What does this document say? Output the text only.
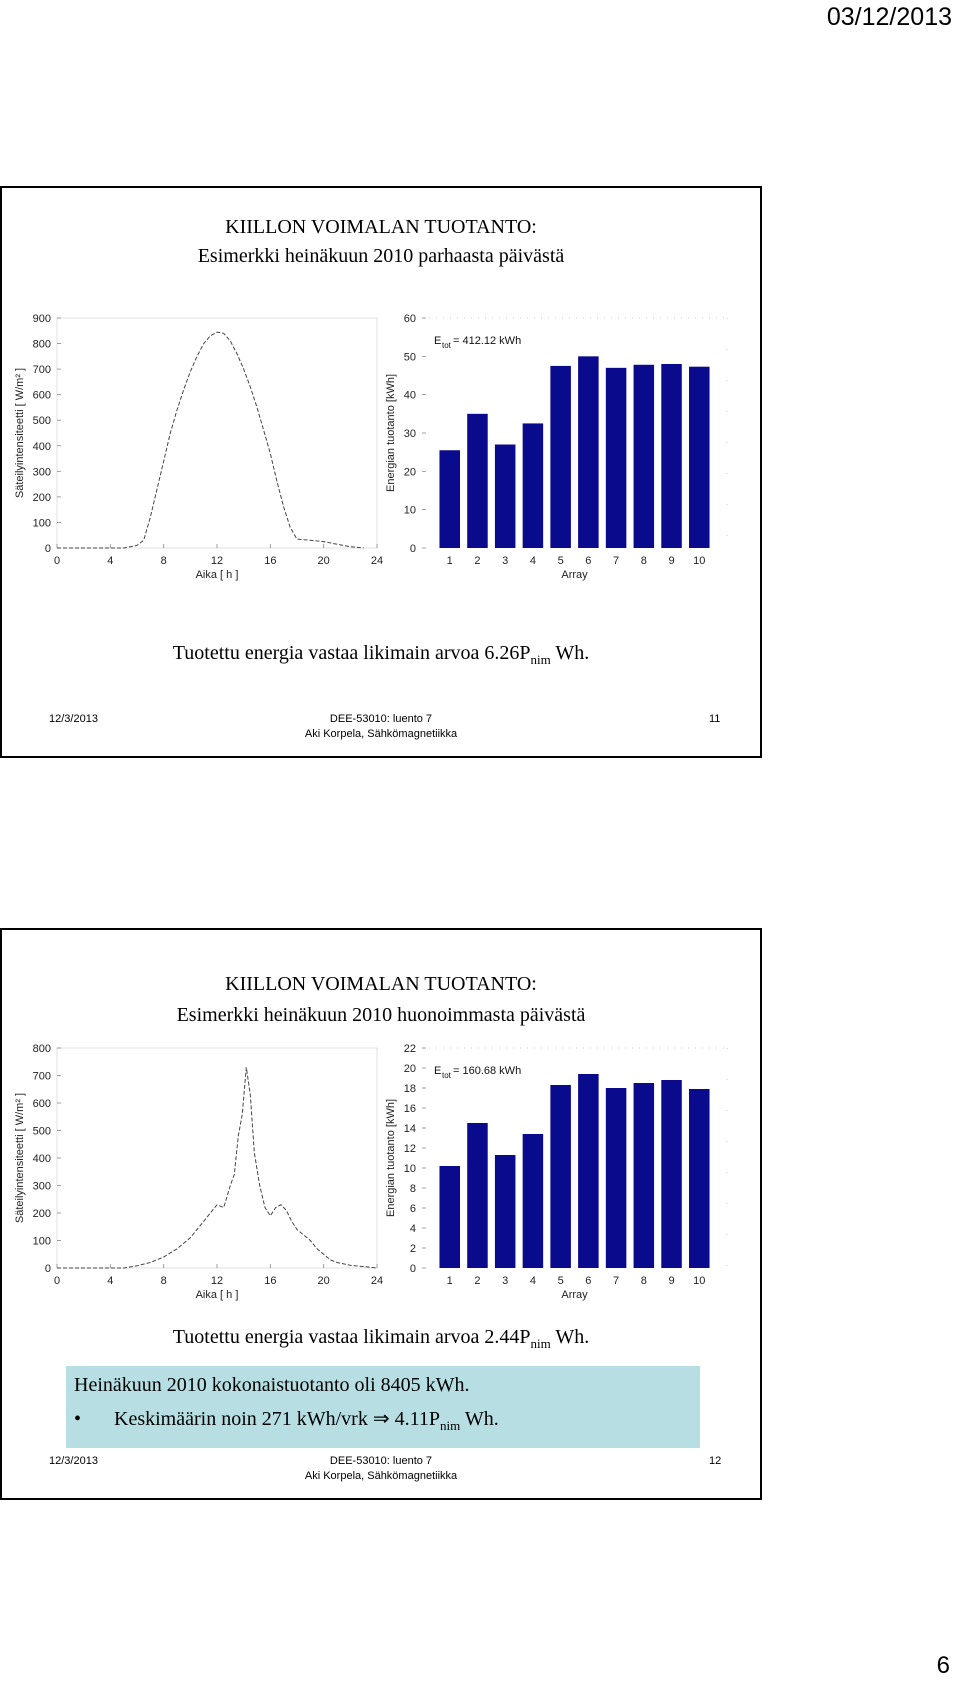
03/12/2013
KIILLON VOIMALAN TUOTANTO:
Esimerkki heinäkuun 2010 parhaasta päivästä
0
100
200
300
400
500
600
700
800
900
0	4	8	12	16	20	24
Aika [ h ]
Säteilyintensiteetti [ W/m² ]
0
10
20
30
40
50
60
1 2 3 4 5 6 7 8 9 10
Array
Energian tuotanto [kWh]
E tot = 412.12 kWh
Tuotettu energia vastaa likimain arvoa $6.26P_{nim}$ Wh.
12/3/2013	DEE-53010: luento 7
Aki Korpela, Sähkömagnetiikka
11
KIILLON VOIMALAN TUOTANTO:
Esimerkki heinäkuun 2010 huonoimmasta päivästä
0
100
200
300
400
500
600
700
800
0	4	8	12	16	20	24
Aika [ h ]
Säteilyintensiteetti [ W/m² ]
0
2
4
6
8
10
12
14
16
18
20
22
1 2 3 4 5 6 7 8 9 10
Array
Energian tuotanto [kWh]
E tot = 160.68 kWh
Tuotettu energia vastaa likimain arvoa $2.44P_{nim}$ Wh.
Heinäkuun 2010 kokonaistuotanto oli 8405 kWh.
• Keskimäärin noin 271 kWh/vrk ⇒ $4.11P_{nim}$ Wh.
12/3/2013	DEE-53010: luento 7
Aki Korpela, Sähkömagnetiikka
12
6
